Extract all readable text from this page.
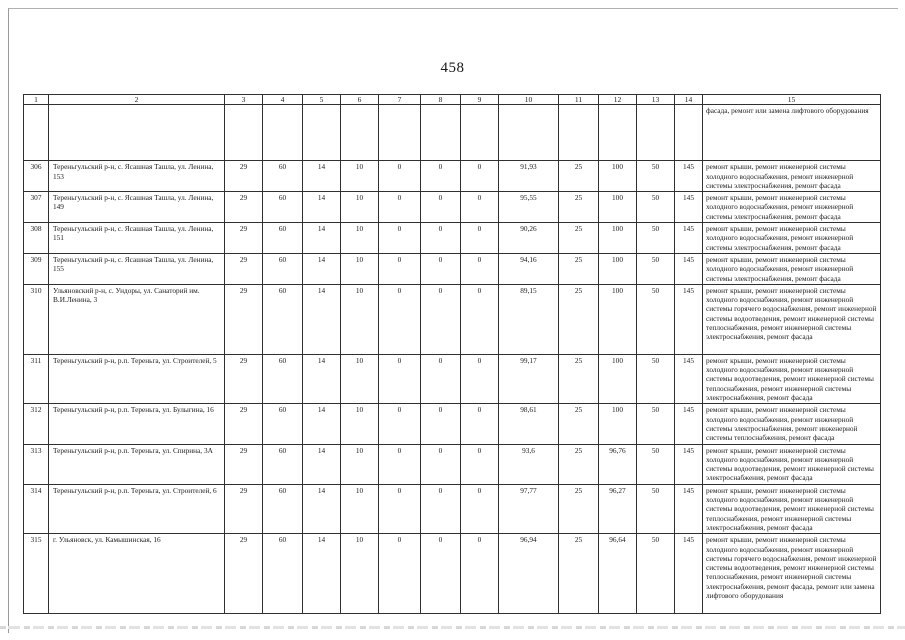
458
1	2	3	4	5	6	7	8	9	10	11	12	13	14	15
														фасада, ремонт или замена лифтового оборудования
306	Тереньгульский р-н, с. Ясашная Ташла, ул. Ленина, 153	29	60	14	10	0	0	0	91,93	25	100	50	145	ремонт крыши, ремонт инженерной системы холодного водоснабжения, ремонт инженерной системы электроснабжения, ремонт фасада
307	Тереньгульский р-н, с. Ясашная Ташла, ул. Ленина, 149	29	60	14	10	0	0	0	95,55	25	100	50	145	ремонт крыши, ремонт инженерной системы холодного водоснабжения, ремонт инженерной системы электроснабжения, ремонт фасада
308	Тереньгульский р-н, с. Ясашная Ташла, ул. Ленина, 151	29	60	14	10	0	0	0	90,26	25	100	50	145	ремонт крыши, ремонт инженерной системы холодного водоснабжения, ремонт инженерной системы электроснабжения, ремонт фасада
309	Тереньгульский р-н, с. Ясашная Ташла, ул. Ленина, 155	29	60	14	10	0	0	0	94,16	25	100	50	145	ремонт крыши, ремонт инженерной системы холодного водоснабжения, ремонт инженерной системы электроснабжения, ремонт фасада
310	Ульяновский р-н, с. Ундоры, ул. Санаторий им. В.И.Ленина, 3	29	60	14	10	0	0	0	89,15	25	100	50	145	ремонт крыши, ремонт инженерной системы холодного водоснабжения, ремонт инженерной системы горячего водоснабжения, ремонт инженерной системы водоотведения, ремонт инженерной системы теплоснабжения, ремонт инженерной системы электроснабжения, ремонт фасада
311	Тереньгульский р-н, р.п. Тереньга, ул. Строителей, 5	29	60	14	10	0	0	0	99,17	25	100	50	145	ремонт крыши, ремонт инженерной системы холодного водоснабжения, ремонт инженерной системы водоотведения, ремонт инженерной системы теплоснабжения, ремонт инженерной системы электроснабжения, ремонт фасада
312	Тереньгульский р-н, р.п. Тереньга, ул. Булыгина, 16	29	60	14	10	0	0	0	98,61	25	100	50	145	ремонт крыши, ремонт инженерной системы холодного водоснабжения, ремонт инженерной системы электроснабжения, ремонт инженерной системы теплоснабжения, ремонт фасада
313	Тереньгульский р-н, р.п. Тереньга, ул. Спирина, 3А	29	60	14	10	0	0	0	93,6	25	96,76	50	145	ремонт крыши, ремонт инженерной системы холодного водоснабжения, ремонт инженерной системы водоотведения, ремонт инженерной системы электроснабжения, ремонт фасада
314	Тереньгульский р-н, р.п. Тереньга, ул. Строителей, 6	29	60	14	10	0	0	0	97,77	25	96,27	50	145	ремонт крыши, ремонт инженерной системы холодного водоснабжения, ремонт инженерной системы водоотведения, ремонт инженерной системы теплоснабжения, ремонт инженерной системы электроснабжения, ремонт фасада
315	г. Ульяновск, ул. Камышинская, 16	29	60	14	10	0	0	0	96,94	25	96,64	50	145	ремонт крыши, ремонт инженерной системы холодного водоснабжения, ремонт инженерной системы горячего водоснабжения, ремонт инженерной системы водоотведения, ремонт инженерной системы теплоснабжения, ремонт инженерной системы электроснабжения, ремонт фасада, ремонт или замена лифтового оборудования
